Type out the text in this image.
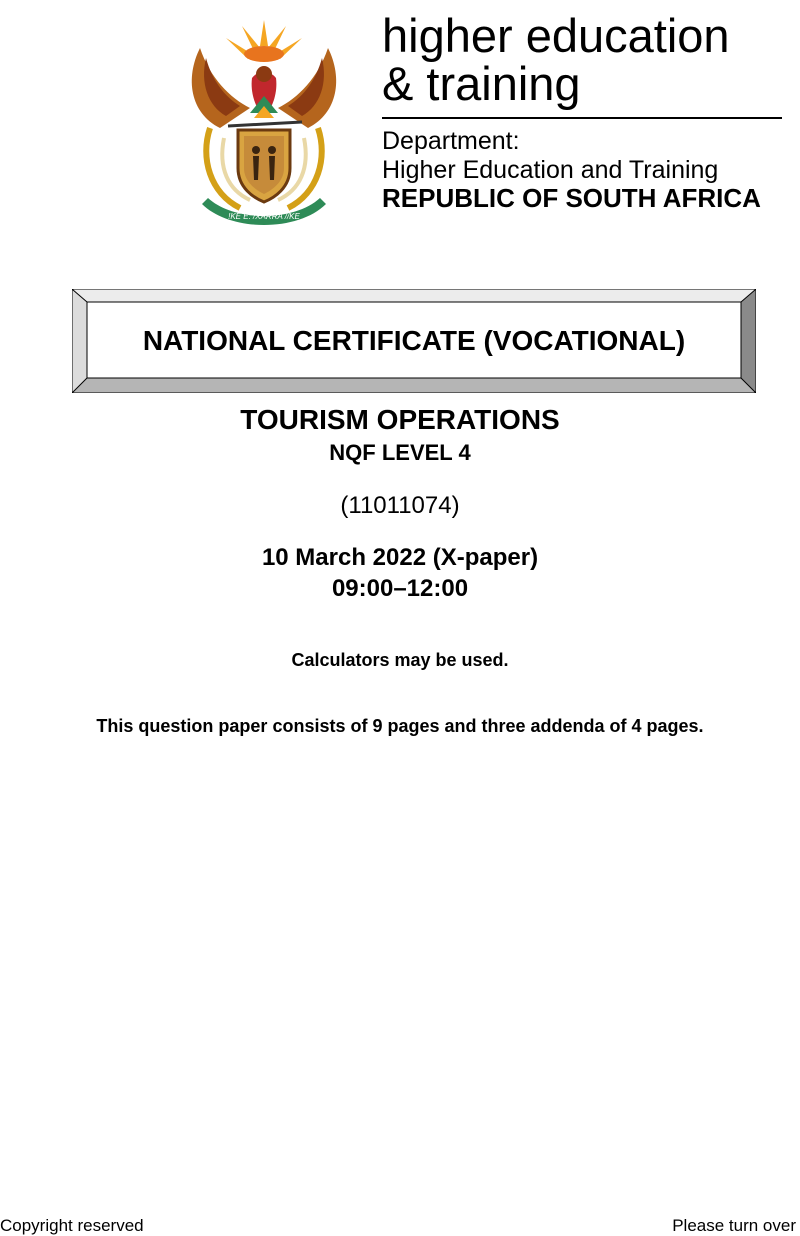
!KE E: /XARRA //KE
higher education
& training
Department:
Higher Education and Training
REPUBLIC OF SOUTH AFRICA
NATIONAL CERTIFICATE (VOCATIONAL)
TOURISM OPERATIONS
NQF LEVEL 4
(11011074)
10 March 2022 (X-paper)
09:00–12:00
Calculators may be used.
This question paper consists of 9 pages and three addenda of 4 pages.
Copyright reserved	Please turn over
